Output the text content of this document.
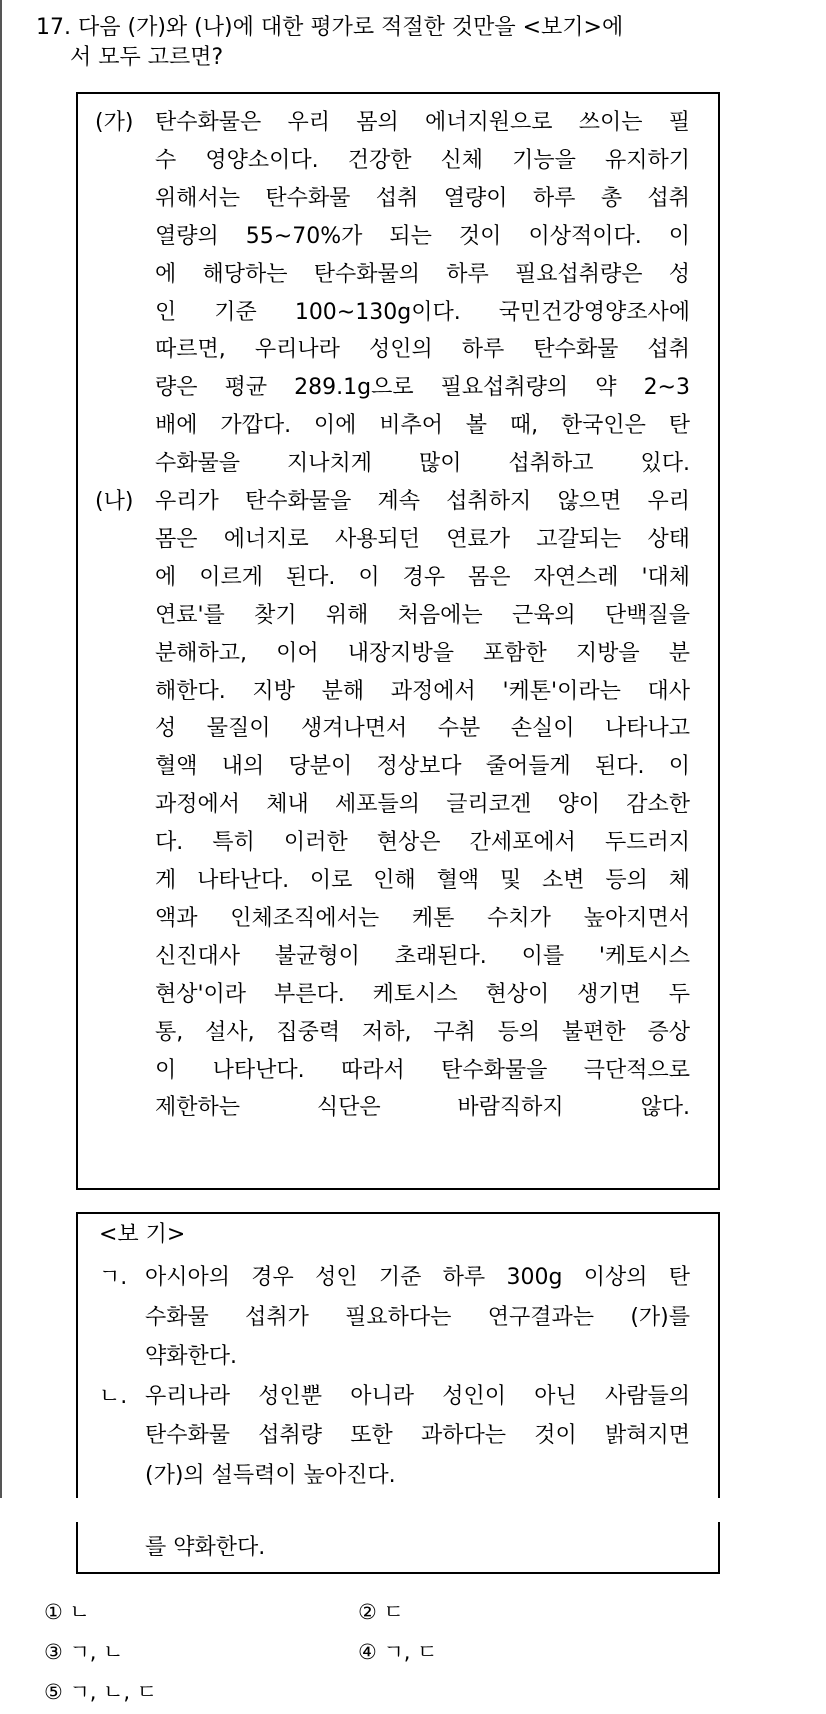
17. 다음 (가)와 (나)에 대한 평가로 적절한 것만을 <보기>에
서 모두 고르면?
① ㄴ	② ㄷ
③ ㄱ, ㄴ	④ ㄱ, ㄷ
⑤ ㄱ, ㄴ, ㄷ
(가) 탄수화물은 우리 몸의 에너지원으로 쓰이는 필
수 영양소이다. 건강한 신체 기능을 유지하기
위해서는 탄수화물 섭취 열량이 하루 총 섭취
열량의 55~70%가 되는 것이 이상적이다. 이
에 해당하는 탄수화물의 하루 필요섭취량은 성
인 기준 100~130g이다. 국민건강영양조사에
따르면, 우리나라 성인의 하루 탄수화물 섭취
량은 평균 289.1g으로 필요섭취량의 약 2~3
배에 가깝다. 이에 비추어 볼 때, 한국인은 탄
수화물을 지나치게 많이 섭취하고 있다.
(나) 우리가 탄수화물을 계속 섭취하지 않으면 우리
몸은 에너지로 사용되던 연료가 고갈되는 상태
에 이르게 된다. 이 경우 몸은 자연스레 '대체
연료'를 찾기 위해 처음에는 근육의 단백질을
분해하고, 이어 내장지방을 포함한 지방을 분
해한다. 지방 분해 과정에서 '케톤'이라는 대사
성 물질이 생겨나면서 수분 손실이 나타나고
혈액 내의 당분이 정상보다 줄어들게 된다. 이
과정에서 체내 세포들의 글리코겐 양이 감소한
다. 특히 이러한 현상은 간세포에서 두드러지
게 나타난다. 이로 인해 혈액 및 소변 등의 체
액과 인체조직에서는 케톤 수치가 높아지면서
신진대사 불균형이 초래된다. 이를 '케토시스
현상'이라 부른다. 케토시스 현상이 생기면 두
통, 설사, 집중력 저하, 구취 등의 불편한 증상
이 나타난다. 따라서 탄수화물을 극단적으로
제한하는 식단은 바람직하지 않다.
<보 기>
ㄱ. 아시아의 경우 성인 기준 하루 300g 이상의 탄
수화물 섭취가 필요하다는 연구결과는 (가)를
약화한다.
ㄴ. 우리나라 성인뿐 아니라 성인이 아닌 사람들의
탄수화물 섭취량 또한 과하다는 것이 밝혀지면
(가)의 설득력이 높아진다.
를 약화한다.
